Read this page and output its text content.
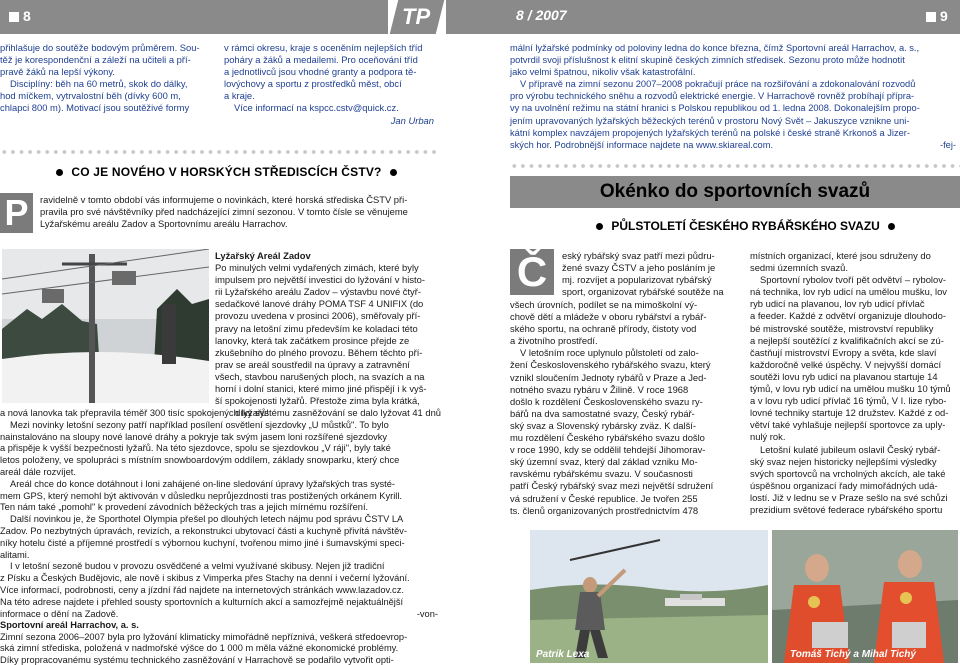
8	TP	8 / 2007	9

přihlašuje do soutěže bodovým průměrem. Sou-

těž je korespondenční a záleží na učiteli a pří-

pravě žáků na lepší výkony.

Disciplíny: běh na 60 metrů, skok do dálky,

hod míčkem, vytrvalostní běh (dívky 600 m,

chlapci 800 m). Motivací jsou soutěživé formy

v rámci okresu, kraje s oceněním nejlepších tříd

poháry a žáků a medailemi. Pro oceňování tříd

a jednotlivců jsou vhodné granty a podpora tě-

lovýchovy a sportu z prostředků měst, obcí

a kraje.

Více informací na kspcc.cstv@quick.cz.

Jan Urban

mální lyžařské podmínky od poloviny ledna do konce března, čímž Sportovní areál Harrachov, a. s.,

potvrdil svoji příslušnost k elitní skupině českých zimních středisek. Sezonu proto může hodnotit

jako velmi špatnou, nikoliv však katastrofální.

V přípravě na zimní sezonu 2007–2008 pokračují práce na rozšiřování a zdokonalování rozvodů

pro výrobu technického sněhu a rozvodů elektrické energie. V Harrachově rovněž probíhají přípra-

vy na uvolnění režimu na státní hranici s Polskou republikou od 1. ledna 2008. Dokonalejším propo-

jením upravovaných lyžařských běžeckých terénů v prostoru Nový Svět – Jakuszyce vznikne uni-

kátní komplex navzájem propojených lyžařských terénů na polské i české straně Krkonoš a Jizer-

ských hor. Podrobnější informace najdete na www.skiareal.com.	-fej-

CO JE NOVÉHO V HORSKÝCH STŘEDISCÍCH ČSTV?
P	ravidelně v tomto období vás informujeme o novinkách, které horská střediska ČSTV při-

pravila pro své návštěvníky před nadcházející zimní sezonou. V tomto čísle se věnujeme

Lyžařskému areálu Zadov a Sportovnímu areálu Harrachov.

Lyžařský Areál Zadov

Po minulých velmi vydařených zimách, které byly

impulsem pro největší investici do lyžování v histo-

rii Lyžařského areálu Zadov – výstavbu nové čtyř-

sedačkové lanové dráhy POMA TSF 4 UNIFIX (do

provozu uvedena v prosinci 2006), směřovaly pří-

pravy na letošní zimu především ke koladaci této

lanovky, která tak začátkem prosince přejde ze

zkušebního do plného provozu. Během těchto pří-

prav se areál soustředil na úpravy a zatravnění

všech, stavbou narušených ploch, na svazích a na

horní i dolní stanici, které mimo jiné přispějí i k vyš-

ší spokojenosti lyžařů. Přestože zima byla krátká,

díky systému zasněžování se dalo lyžovat 41 dnů

a nová lanovka tak přepravila téměř 300 tisíc spokojených lyžařů!

Mezi novinky letošní sezony patří například posílení osvětlení sjezdovky „U můstků". To bylo

nainstalováno na sloupy nové lanové dráhy a pokryje tak svým jasem loni rozšířené sjezdovky

a přispěje k vyšší bezpečnosti lyžařů. Na této sjezdovce, spolu se sjezdovkou „V ráji", byly také

letos položeny, ve spolupráci s místním snowboardovým oddílem, základy snowparku, který chce

areál dále rozvíjet.

Areál chce do konce dotáhnout i loni zahájené on-line sledování úpravy lyžařských tras systé-

mem GPS, který nemohl být aktivován v důsledku neprůjezdnosti tras postižených orkánem Kyrill.

Ten nám také „pomohl" k provedení závodních běžeckých tras a jejich mírnému rozšíření.

Další novinkou je, že Sporthotel Olympia přešel po dlouhých letech nájmu pod správu ČSTV LA

Zadov. Po nezbytných úpravách, revizích, a rekonstrukci ubytovací části a kuchyně přivítá návštěv-

níky hotelu čisté a příjemné prostředí s výbornou kuchyní, tvořenou mimo jiné i šumavskými speci-

alitami.

I v letošní sezoně budou v provozu osvědčené a velmi využívané skibusy. Nejen již tradiční

z Písku a Českých Budějovic, ale nově i skibus z Vimperka přes Stachy na denní i večerní lyžování.

Více informací, podrobnosti, ceny a jízdní řád najdete na internetových stránkách www.lazadov.cz.

Na této adrese najdete i přehled sousty sportovních a kulturních akcí a samozřejmě nejaktuálnější

informace o dění na Zadově.	-von-

Sportovní areál Harrachov, a. s.

Zimní sezona 2006–2007 byla pro lyžování klimaticky mimořádně nepříznivá, veškerá středoevrop-

ská zimní střediska, položená v nadmořské výšce do 1 000 m měla vážné ekonomické problémy.

Díky propracovanému systému technického zasněžování v Harrachově se podařilo vytvořit opti-

Okénko do sportovních svazů
PŮLSTOLETÍ ČESKÉHO RYBÁŘSKÉHO SVAZU
Č	eský rybářský svaz patří mezi půdru-

žené svazy ČSTV a jeho posláním je

mj. rozvíjet a popularizovat rybářský

sport, organizovat rybářské soutěže na

všech úrovních, podílet se na mimoškolní vý-

chově dětí a mládeže v oboru rybářství a rybář-

ského sportu, na ochraně přírody, čistoty vod

a životního prostředí.

V letošním roce uplynulo půlstoletí od zalo-

žení Československého rybářského svazu, který

vznikl sloučením Jednoty rybářů v Praze a Jed-

notného svazu rybáru v Žilině. V roce 1968

došlo k rozdělení Československého svazu ry-

bářů na dva samostatné svazy, Český rybář-

ský svaz a Slovenský rybársky zväz. K další-

mu rozdělení Českého rybářského svazu došlo

v roce 1990, kdy se oddělil tehdejší Jihomorav-

ský územní svaz, který dal základ vzniku Mo-

ravskému rybářskému svazu. V současnosti

patří Český rybářský svaz mezi největší sdružení

vá sdružení v České republice. Je tvořen 255

ts. členů organizovaných prostřednictvím 478

místních organizací, které jsou sdruženy do

sedmi územních svazů.

Sportovní rybolov tvoří pět odvětví – rybolov-

ná technika, lov ryb udicí na umělou mušku, lov

ryb udicí na plavanou, lov ryb udicí přívlač

a feeder. Každé z odvětví organizuje dlouhodo-

bé mistrovské soutěže, mistrovství republiky

a nejlepší soutěžící z kvalifikačních akcí se zú-

častňují mistrovství Evropy a světa, kde slaví

každoročně velké úspěchy. V nejvyšší domácí

soutěži lovu ryb udicí na plavanou startuje 14

týmů, v lovu ryb udicí na umělou mušku 10 týmů

a v lovu ryb udicí přívlač 16 týmů, V I. lize rybo-

lovné techniky startuje 12 družstev. Každé z od-

větví také vyhlašuje nejlepší sportovce za uply-

nulý rok.

Letošní kulaté jubileum oslavil Český rybář-

ský svaz nejen historicky nejlepšími výsledky

svých sportovců na vrcholných akcích, ale také

úspěšnou organizací řady mimořádných udá-

lostí. Již v lednu se v Praze sešlo na své schůzi

prezidium světové federace rybářského sportu

Patrik Lexa	Tomáš Tichý a Mihal Tichý
